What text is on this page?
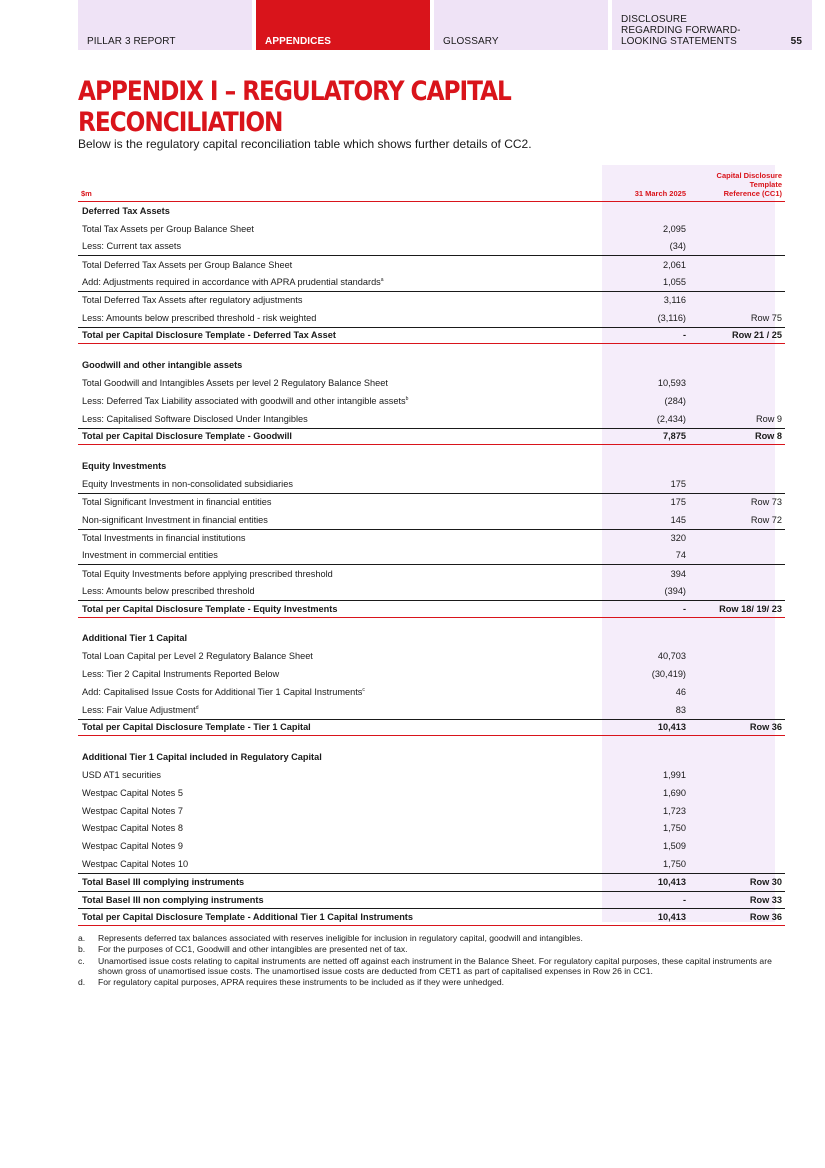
PILLAR 3 REPORT	APPENDICES	GLOSSARY
DISCLOSURE
REGARDING FORWARD-
LOOKING STATEMENTS	55
APPENDIX I – REGULATORY CAPITAL RECONCILIATION

Below is the regulatory capital reconciliation table which shows further details of CC2.

$m	31 March 2025
Capital Disclosure
Template
Reference (CC1)
Deferred Tax Assets
Total Tax Assets per Group Balance Sheet	2,095
Less: Current tax assets	(34)
Total Deferred Tax Assets per Group Balance Sheet	2,061
Add: Adjustments required in accordance with APRA prudential standards$^a$	1,055
Total Deferred Tax Assets after regulatory adjustments	3,116
Less: Amounts below prescribed threshold - risk weighted	(3,116)	Row 75
Total per Capital Disclosure Template - Deferred Tax Asset	-	Row 21 / 25
Goodwill and other intangible assets
Total Goodwill and Intangibles Assets per level 2 Regulatory Balance Sheet	10,593
Less: Deferred Tax Liability associated with goodwill and other intangible assets$^b$	(284)
Less: Capitalised Software Disclosed Under Intangibles	(2,434)	Row 9
Total per Capital Disclosure Template - Goodwill	7,875	Row 8
Equity Investments
Equity Investments in non-consolidated subsidiaries	175
Total Significant Investment in financial entities	175	Row 73
Non-significant Investment in financial entities	145	Row 72
Total Investments in financial institutions	320
Investment in commercial entities	74
Total Equity Investments before applying prescribed threshold	394
Less: Amounts below prescribed threshold	(394)
Total per Capital Disclosure Template - Equity Investments	-	Row 18/ 19/ 23
Additional Tier 1 Capital
Total Loan Capital per Level 2 Regulatory Balance Sheet	40,703
Less: Tier 2 Capital Instruments Reported Below	(30,419)
Add: Capitalised Issue Costs for Additional Tier 1 Capital Instruments$^c$	46
Less: Fair Value Adjustment$^d$	83
Total per Capital Disclosure Template - Tier 1 Capital	10,413	Row 36
Additional Tier 1 Capital included in Regulatory Capital
USD AT1 securities	1,991
Westpac Capital Notes 5	1,690
Westpac Capital Notes 7	1,723
Westpac Capital Notes 8	1,750
Westpac Capital Notes 9	1,509
Westpac Capital Notes 10	1,750
Total Basel III complying instruments	10,413	Row 30
Total Basel III non complying instruments	-	Row 33
Total per Capital Disclosure Template - Additional Tier 1 Capital Instruments	10,413	Row 36
a.	Represents deferred tax balances associated with reserves ineligible for inclusion in regulatory capital, goodwill and intangibles.
b.	For the purposes of CC1, Goodwill and other intangibles are presented net of tax.
c.	Unamortised issue costs relating to capital instruments are netted off against each instrument in the Balance Sheet. For regulatory capital purposes, these capital instruments are shown gross of unamortised issue costs. The unamortised issue costs are deducted from CET1 as part of capitalised expenses in Row 26 in CC1.
d.	For regulatory capital purposes, APRA requires these instruments to be included as if they were unhedged.
